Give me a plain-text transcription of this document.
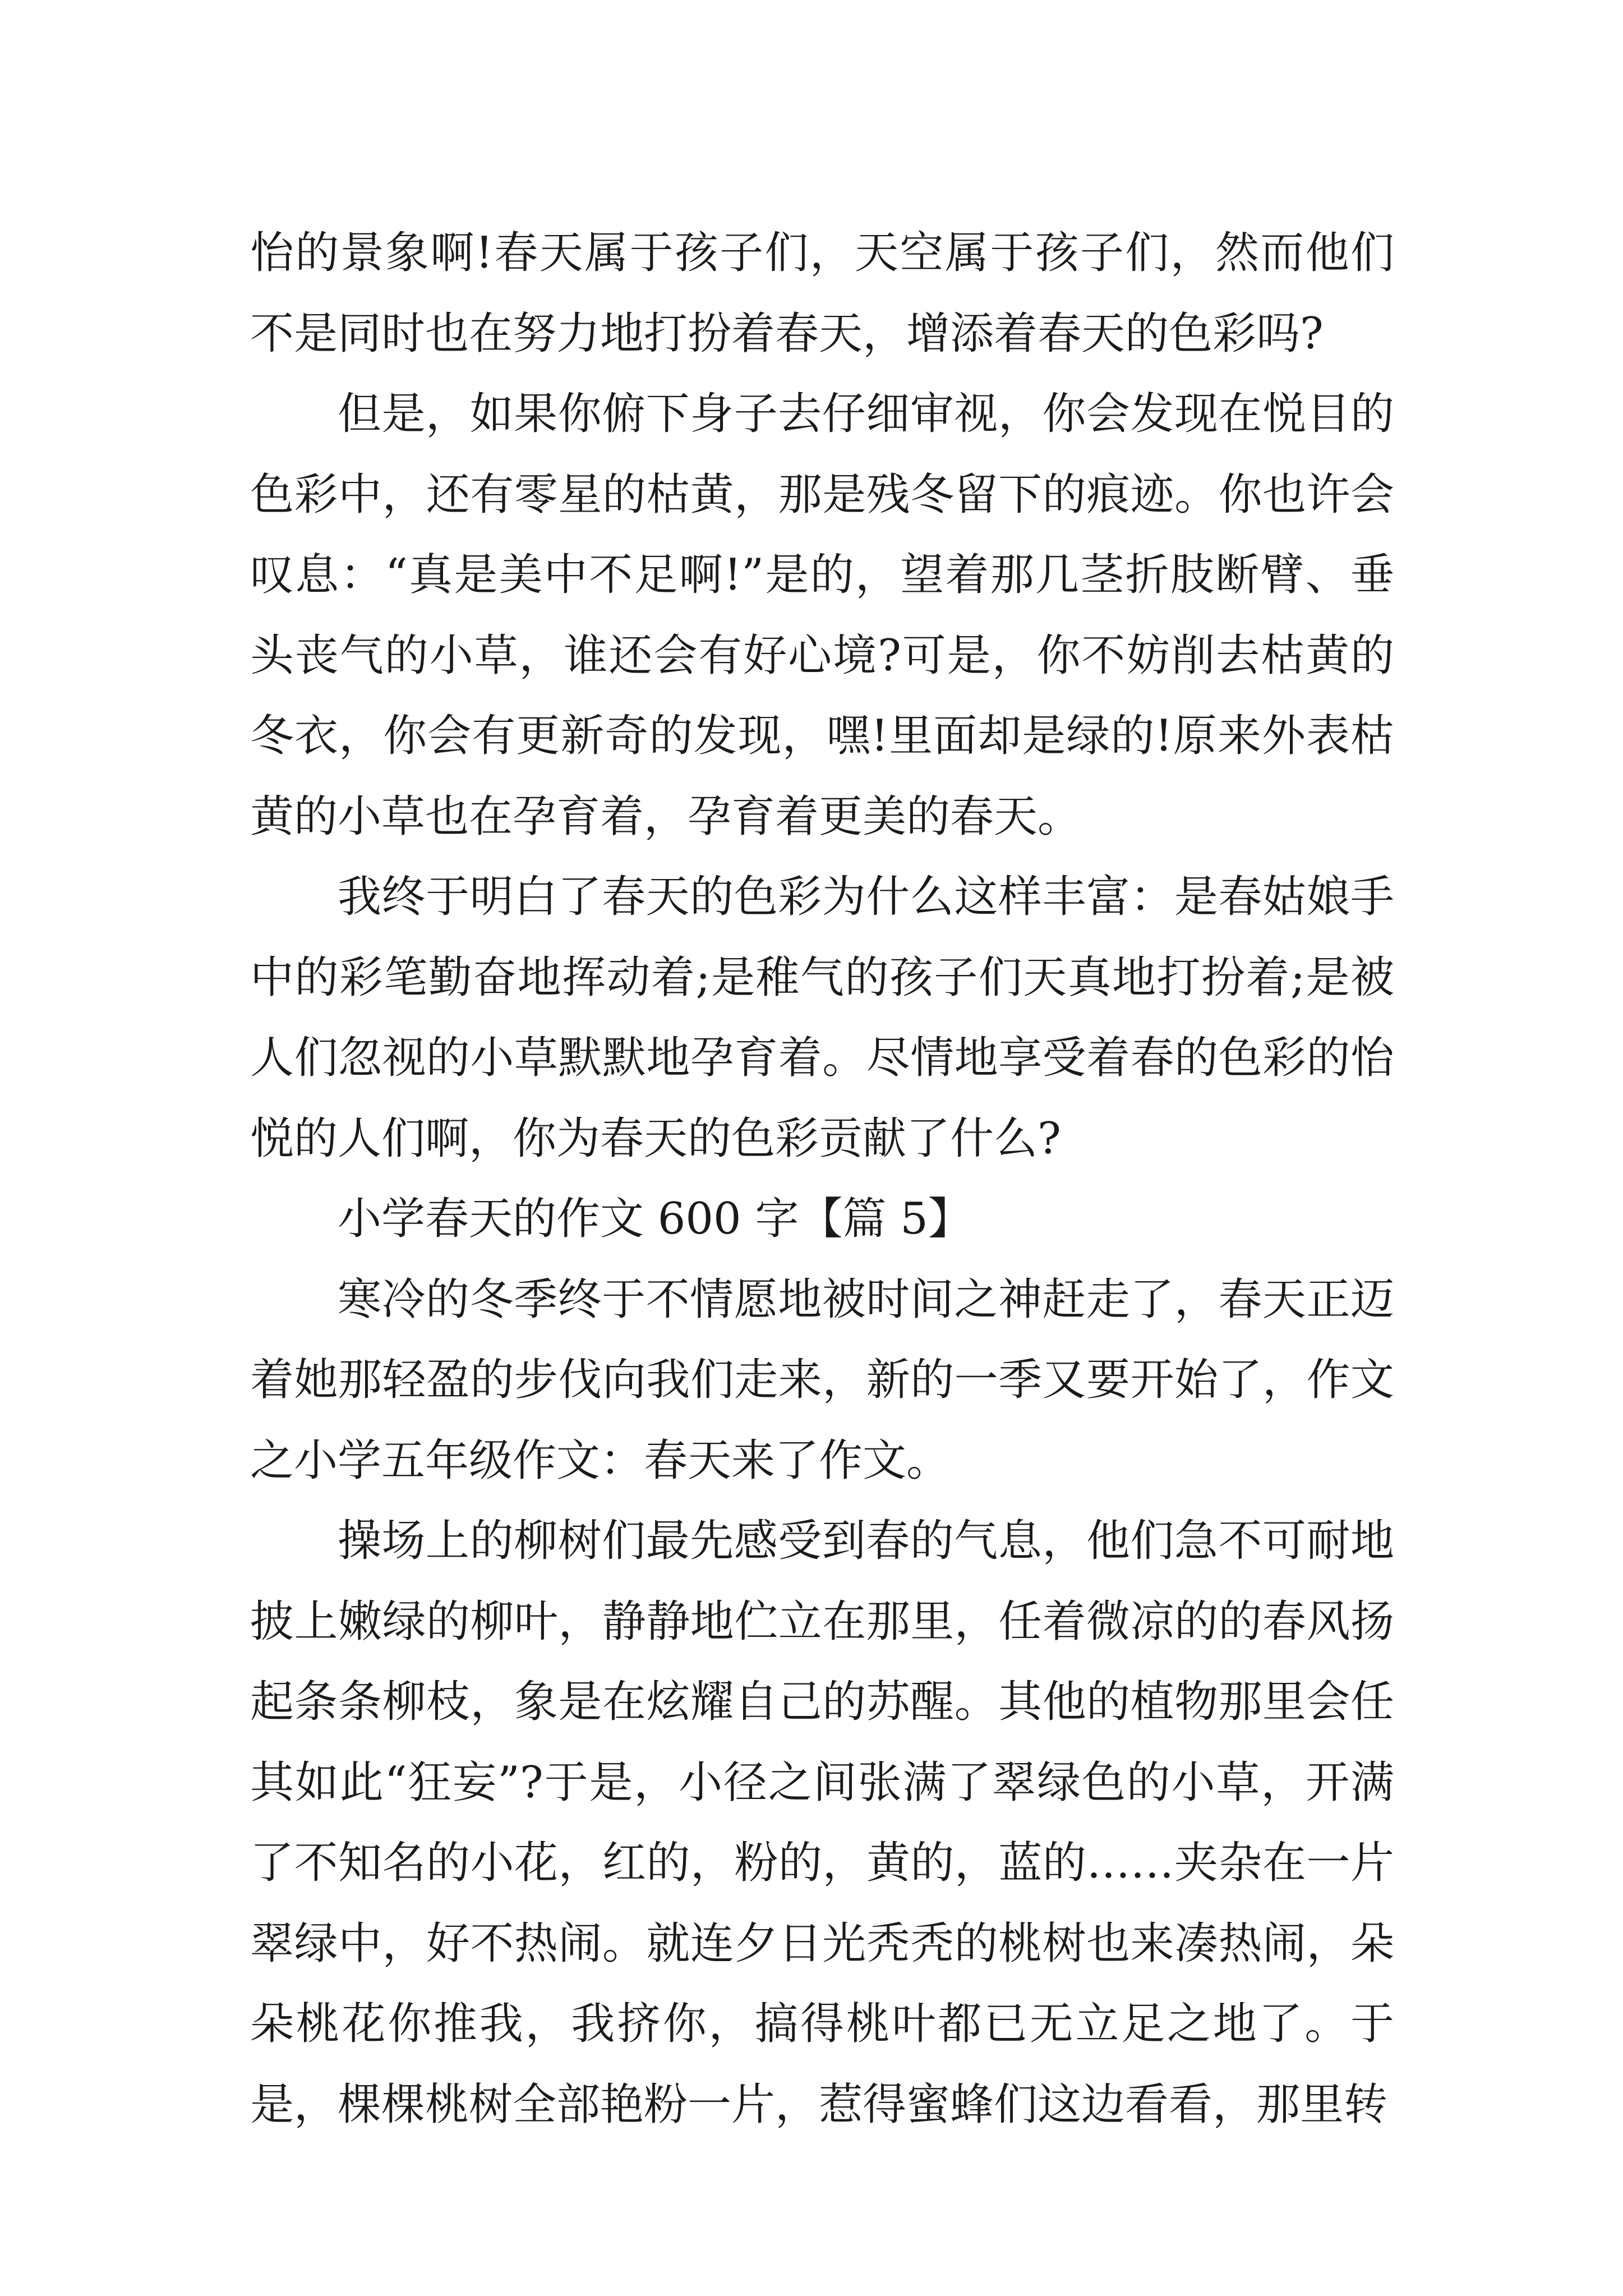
怡的景象啊!春天属于孩子们，天空属于孩子们，然而他们不是同时也在努力地打扮着春天，增添着春天的色彩吗?

但是，如果你俯下身子去仔细审视，你会发现在悦目的色彩中，还有零星的枯黄，那是残冬留下的痕迹。你也许会叹息：“真是美中不足啊!”是的，望着那几茎折肢断臂、垂头丧气的小草，谁还会有好心境?可是，你不妨削去枯黄的冬衣，你会有更新奇的发现，嘿!里面却是绿的!原来外表枯黄的小草也在孕育着，孕育着更美的春天。

我终于明白了春天的色彩为什么这样丰富：是春姑娘手中的彩笔勤奋地挥动着;是稚气的孩子们天真地打扮着;是被人们忽视的小草默默地孕育着。尽情地享受着春的色彩的怡悦的人们啊，你为春天的色彩贡献了什么?

小学春天的作文 600 字【篇 5】

寒冷的冬季终于不情愿地被时间之神赶走了，春天正迈着她那轻盈的步伐向我们走来，新的一季又要开始了，作文之小学五年级作文：春天来了作文。

操场上的柳树们最先感受到春的气息，他们急不可耐地披上嫩绿的柳叶，静静地伫立在那里，任着微凉的的春风扬起条条柳枝，象是在炫耀自己的苏醒。其他的植物那里会任其如此“狂妄”?于是，小径之间张满了翠绿色的小草，开满了不知名的小花，红的，粉的，黄的，蓝的……夹杂在一片翠绿中，好不热闹。就连夕日光秃秃的桃树也来凑热闹，朵朵桃花你推我，我挤你，搞得桃叶都已无立足之地了。于是，棵棵桃树全部艳粉一片，惹得蜜蜂们这边看看，那里转
